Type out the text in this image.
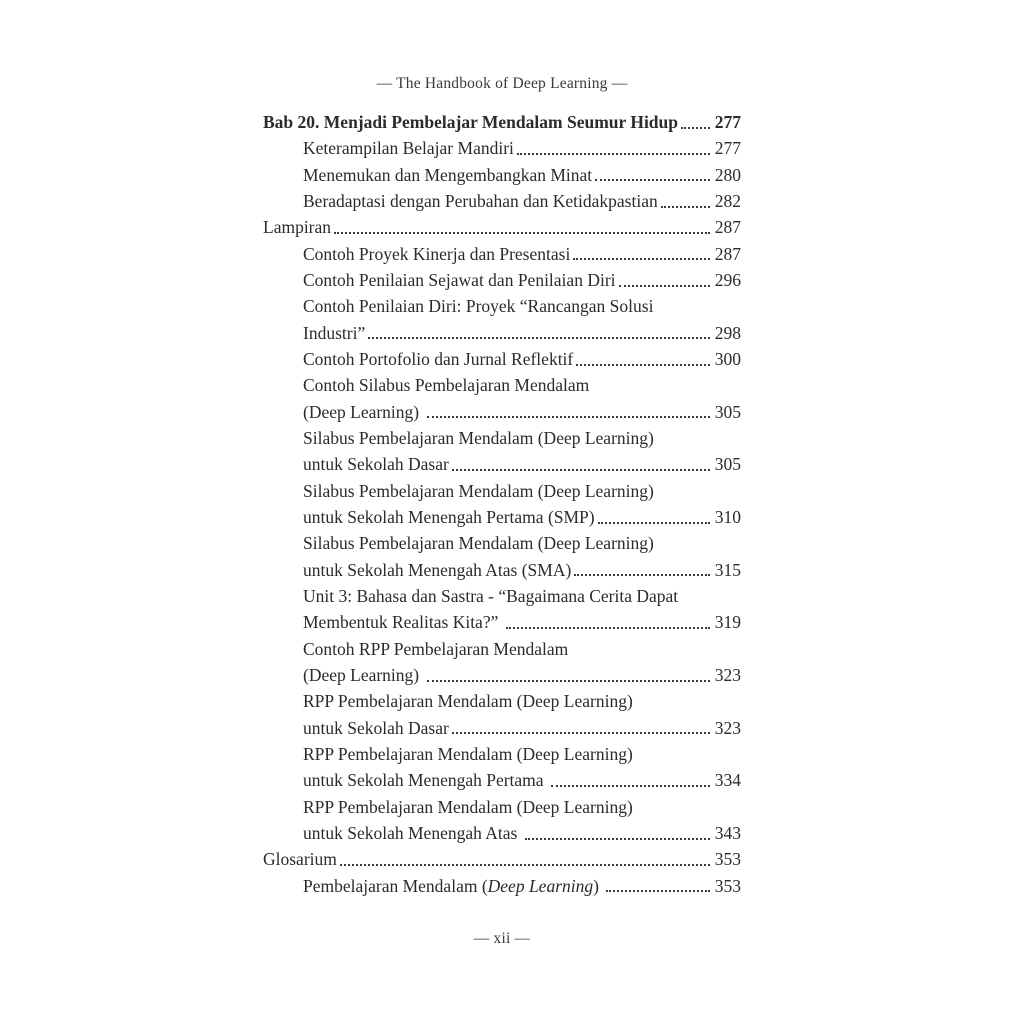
— The Handbook of Deep Learning —
Bab 20. Menjadi Pembelajar Mendalam Seumur Hidup 277
Keterampilan Belajar Mandiri	277
Menemukan dan Mengembangkan Minat	280
Beradaptasi dengan Perubahan dan Ketidakpastian	282
Lampiran	287
Contoh Proyek Kinerja dan Presentasi	287
Contoh Penilaian Sejawat dan Penilaian Diri	296
Contoh Penilaian Diri: Proyek “Rancangan Solusi
Industri”	298
Contoh Portofolio dan Jurnal Reflektif	300
Contoh Silabus Pembelajaran Mendalam
(Deep Learning)	305
Silabus Pembelajaran Mendalam (Deep Learning)
untuk Sekolah Dasar	305
Silabus Pembelajaran Mendalam (Deep Learning)
untuk Sekolah Menengah Pertama (SMP)	310
Silabus Pembelajaran Mendalam (Deep Learning)
untuk Sekolah Menengah Atas (SMA)	315
Unit 3: Bahasa dan Sastra - “Bagaimana Cerita Dapat
Membentuk Realitas Kita?”	319
Contoh RPP Pembelajaran Mendalam
(Deep Learning)	323
RPP Pembelajaran Mendalam (Deep Learning)
untuk Sekolah Dasar	323
RPP Pembelajaran Mendalam (Deep Learning)
untuk Sekolah Menengah Pertama	334
RPP Pembelajaran Mendalam (Deep Learning)
untuk Sekolah Menengah Atas	343
Glosarium	353
Pembelajaran Mendalam (Deep Learning)	353
— xii —
